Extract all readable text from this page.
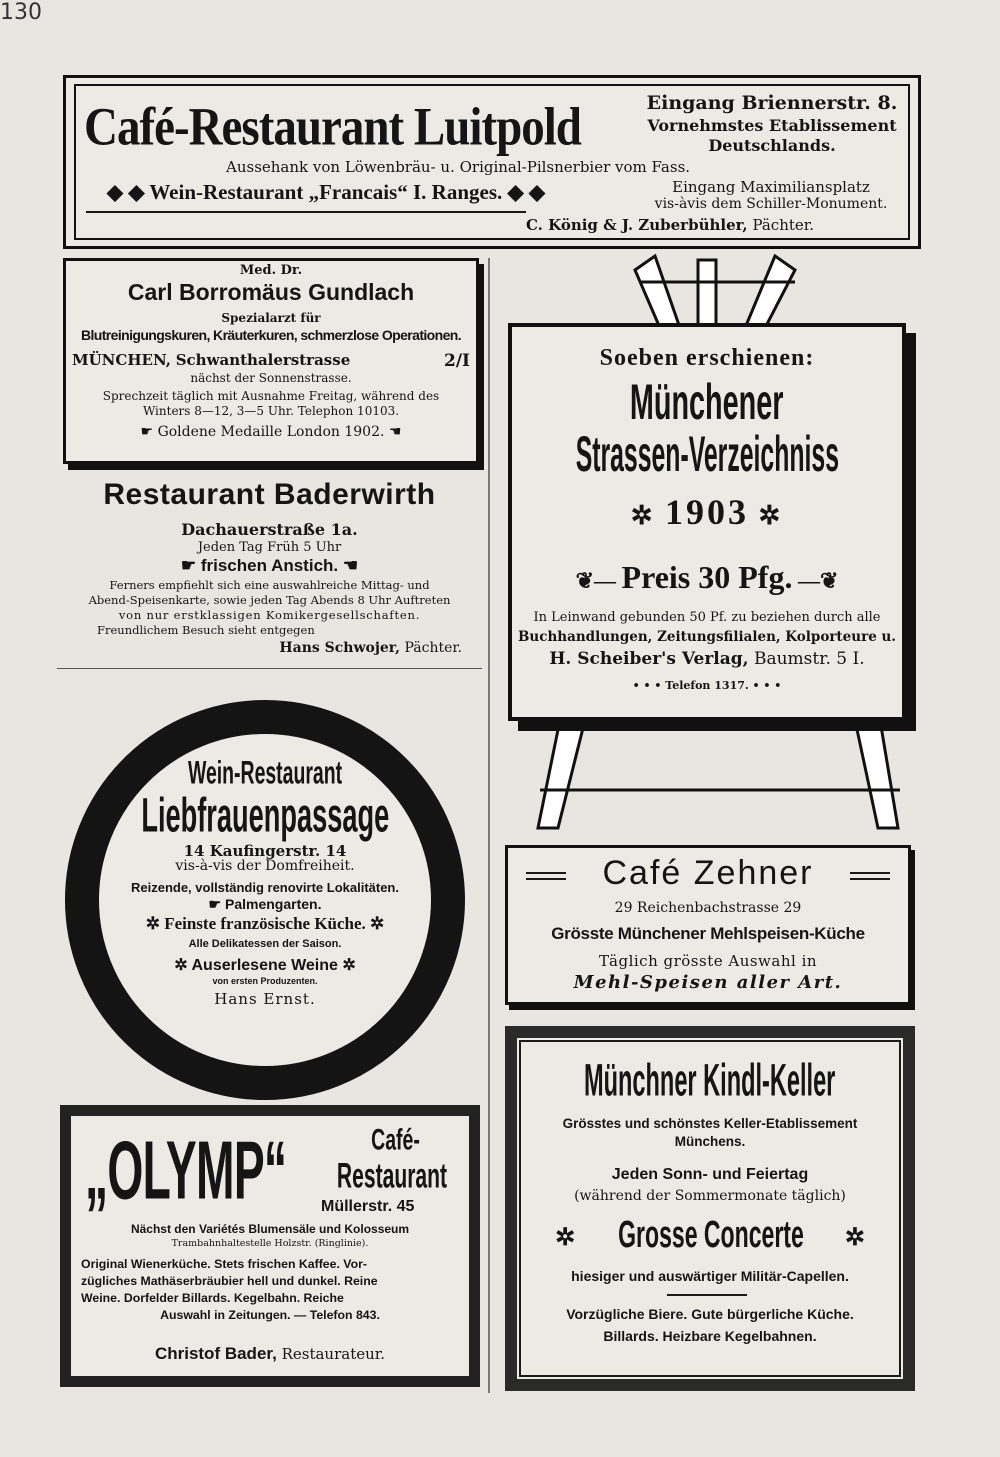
130
Café-Restaurant Luitpold	Eingang Briennerstr. 8.
Vornehmstes Etablissement
Deutschlands.
Aussehank von Löwenbräu- u. Original-Pilsnerbier vom Fass.
◆ ◆ Wein-Restaurant „Francais“ I. Ranges. ◆ ◆	Eingang Maximiliansplatz
vis-àvis dem Schiller-Monument.
C. König & J. Zuberbühler, Pächter.
Med. Dr.
Carl Borromäus Gundlach
Spezialarzt für
Blutreinigungskuren, Kräuterkuren, schmerzlose Operationen.
MÜNCHEN, Schwanthalerstrasse	2/I
nächst der Sonnenstrasse.
Sprechzeit täglich mit Ausnahme Freitag, während des
Winters 8—12, 3—5 Uhr. Telephon 10103.
☛ Goldene Medaille London 1902. ☚
Restaurant Baderwirth
Dachauerstraße 1a.
Jeden Tag Früh 5 Uhr
☛ frischen Anstich. ☚
Ferners empfiehlt sich eine auswahlreiche Mittag- und
Abend-Speisenkarte, sowie jeden Tag Abends 8 Uhr Auftreten
von nur erstklassigen Komikergesellschaften.
Freundlichem Besuch sieht entgegen
Hans Schwojer, Pächter.
Wein-Restaurant
Liebfrauenpassage
14 Kaufingerstr. 14
vis-à-vis der Domfreiheit.
Reizende, vollständig renovirte Lokalitäten.
☛ Palmengarten.
✲ Feinste französische Küche. ✲
Alle Delikatessen der Saison.
✲ Auserlesene Weine ✲
von ersten Produzenten.
Hans Ernst.
„OLYMP“	Café-
Restaurant
Müllerstr. 45
Nächst den Variétés Blumensäle und Kolosseum
Trambahnhaltestelle Holzstr. (Ringlinie).
Original Wienerküche. Stets frischen Kaffee. Vor-
zügliches Mathäserbräubier hell und dunkel. Reine
Weine. Dorfelder Billards. Kegelbahn. Reiche
Auswahl in Zeitungen. — Telefon 843.
Christof Bader, Restaurateur.
Soeben erschienen:
Münchener
Strassen-Verzeichniss
✲ 1903 ✲
❦— Preis 30 Pfg. —❦
In Leinwand gebunden 50 Pf. zu beziehen durch alle
Buchhandlungen, Zeitungsfilialen, Kolporteure u.
H. Scheiber's Verlag, Baumstr. 5 I.
• • • Telefon 1317. • • •
Café Zehner
29 Reichenbachstrasse 29
Grösste Münchener Mehlspeisen-Küche
Täglich grösste Auswahl in
Mehl-Speisen aller Art.
Münchner Kindl-Keller
Grösstes und schönstes Keller-Etablissement
Münchens.
Jeden Sonn- und Feiertag
(während der Sommermonate täglich)
✲ Grosse Concerte ✲
hiesiger und auswärtiger Militär-Capellen.
Vorzügliche Biere. Gute bürgerliche Küche.
Billards. Heizbare Kegelbahnen.
